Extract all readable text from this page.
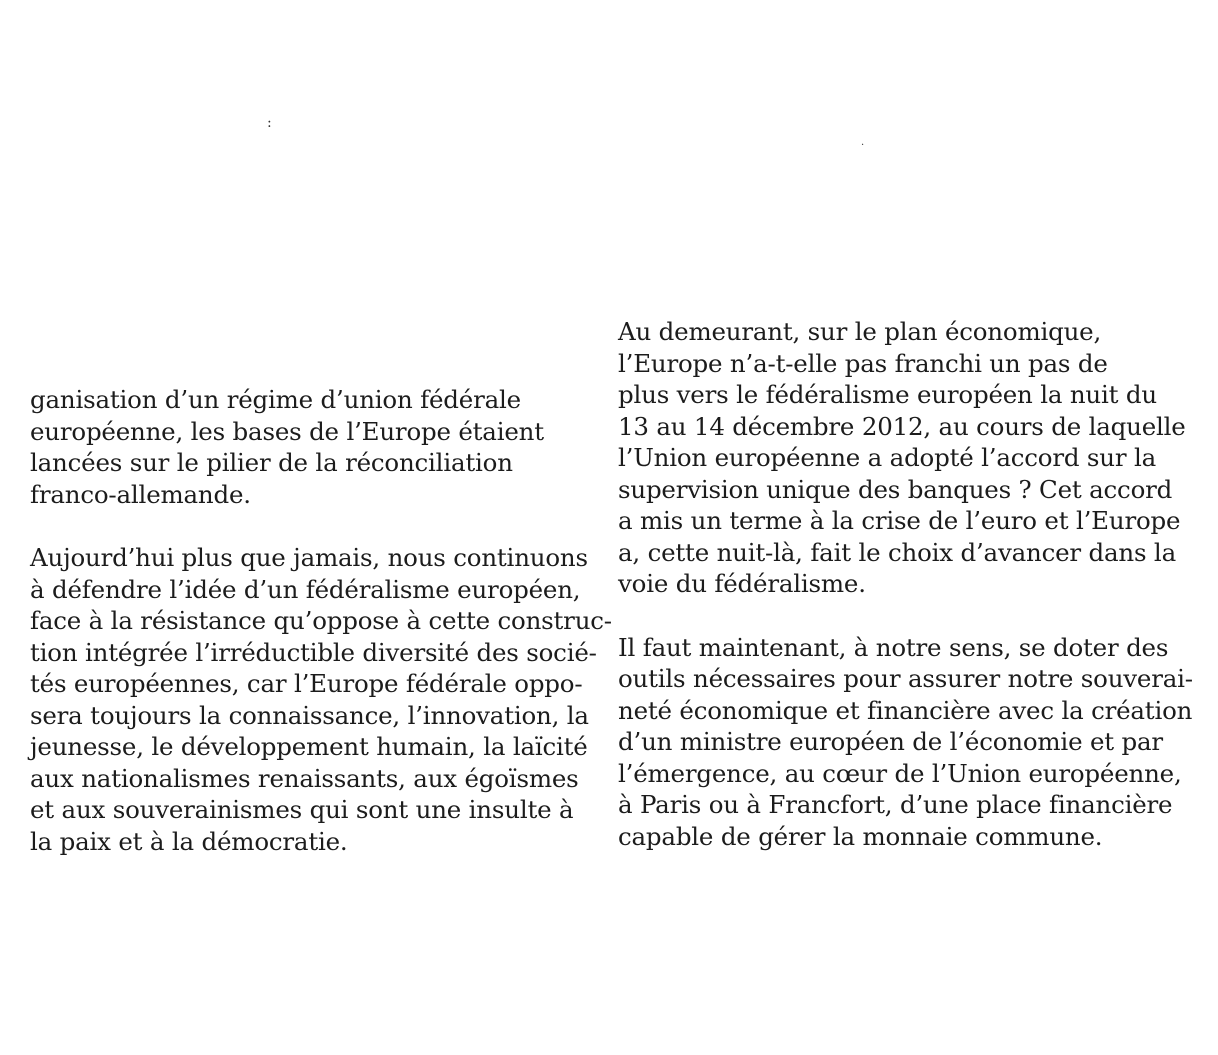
:
.
ganisation d’un régime d’union fédérale
européenne, les bases de l’Europe étaient
lancées sur le pilier de la réconciliation
franco-allemande.
Aujourd’hui plus que jamais, nous continuons
à défendre l’idée d’un fédéralisme européen,
face à la résistance qu’oppose à cette construc-
tion intégrée l’irréductible diversité des socié-
tés européennes, car l’Europe fédérale oppo-
sera toujours la connaissance, l’innovation, la
jeunesse, le développement humain, la laïcité
aux nationalismes renaissants, aux égoïsmes
et aux souverainismes qui sont une insulte à
la paix et à la démocratie.
Au demeurant, sur le plan économique,
l’Europe n’a-t-elle pas franchi un pas de
plus vers le fédéralisme européen la nuit du
13 au 14 décembre 2012, au cours de laquelle
l’Union européenne a adopté l’accord sur la
supervision unique des banques ? Cet accord
a mis un terme à la crise de l’euro et l’Europe
a, cette nuit-là, fait le choix d’avancer dans la
voie du fédéralisme.
Il faut maintenant, à notre sens, se doter des
outils nécessaires pour assurer notre souverai-
neté économique et financière avec la création
d’un ministre européen de l’économie et par
l’émergence, au cœur de l’Union européenne,
à Paris ou à Francfort, d’une place financière
capable de gérer la monnaie commune.
